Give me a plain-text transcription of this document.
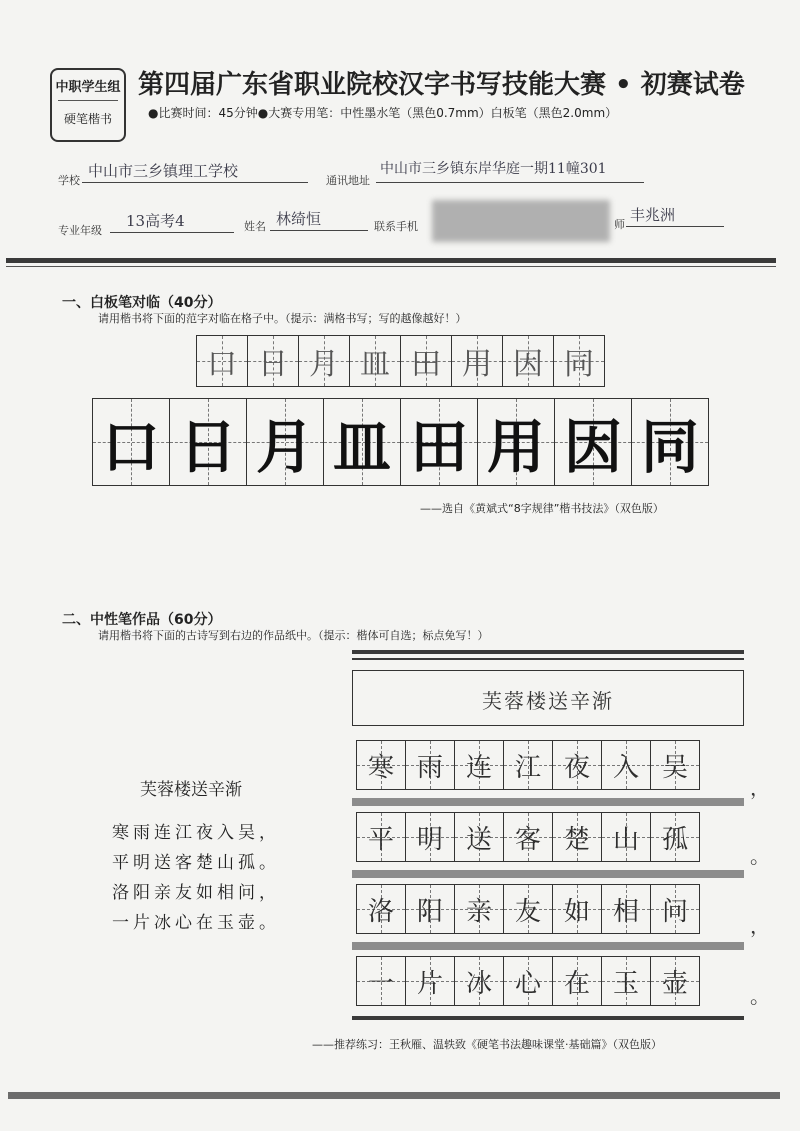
中职学生组
硬笔楷书
第四届广东省职业院校汉字书写技能大赛 • 初赛试卷
●比赛时间：45分钟●大赛专用笔：中性墨水笔（黑色0.7mm）白板笔（黑色2.0mm）
学校
中山市三乡镇理工学校
通讯地址
中山市三乡镇东岸华庭一期11幢301
专业年级
13高考4	姓名 林绮恒	联系手机	师
丰兆洲
一、白板笔对临（40分）
请用楷书将下面的范字对临在格子中。（提示：满格书写；写的越像越好！）
口 日 月 皿 田 用 因 同
口 日 月 皿 田 用 因 同
——选自《黄斌式“8字规律”楷书技法》（双色版）
二、中性笔作品（60分）
请用楷书将下面的古诗写到右边的作品纸中。（提示：楷体可自选；标点免写！）
芙蓉楼送辛渐
寒雨连江夜入吴，
平明送客楚山孤。
洛阳亲友如相问，
一片冰心在玉壶。
芙蓉楼送辛渐
寒 雨 连 江 夜 入 吴
，
平 明 送 客 楚 山 孤
。
洛 阳 亲 友 如 相 问	，
一 片 冰 心 在 玉 壶	。
——推荐练习：王秋雁、温轶致《硬笔书法趣味课堂·基础篇》（双色版）
